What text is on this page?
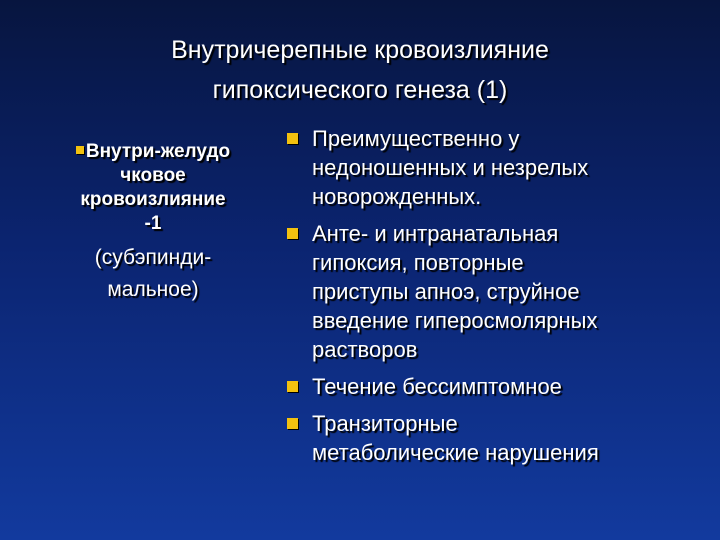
Внутричерепные кровоизлияние
гипоксического генеза (1)
Внутри-желудо
чковое
кровоизлияние
-1
(субэпинди-
мальное)
Преимущественно у
недоношенных и незрелых
новорожденных.
Анте- и интранатальная
гипоксия, повторные
приступы апноэ, струйное
введение гиперосмолярных
растворов
Течение бессимптомное
Транзиторные
метаболические нарушения
